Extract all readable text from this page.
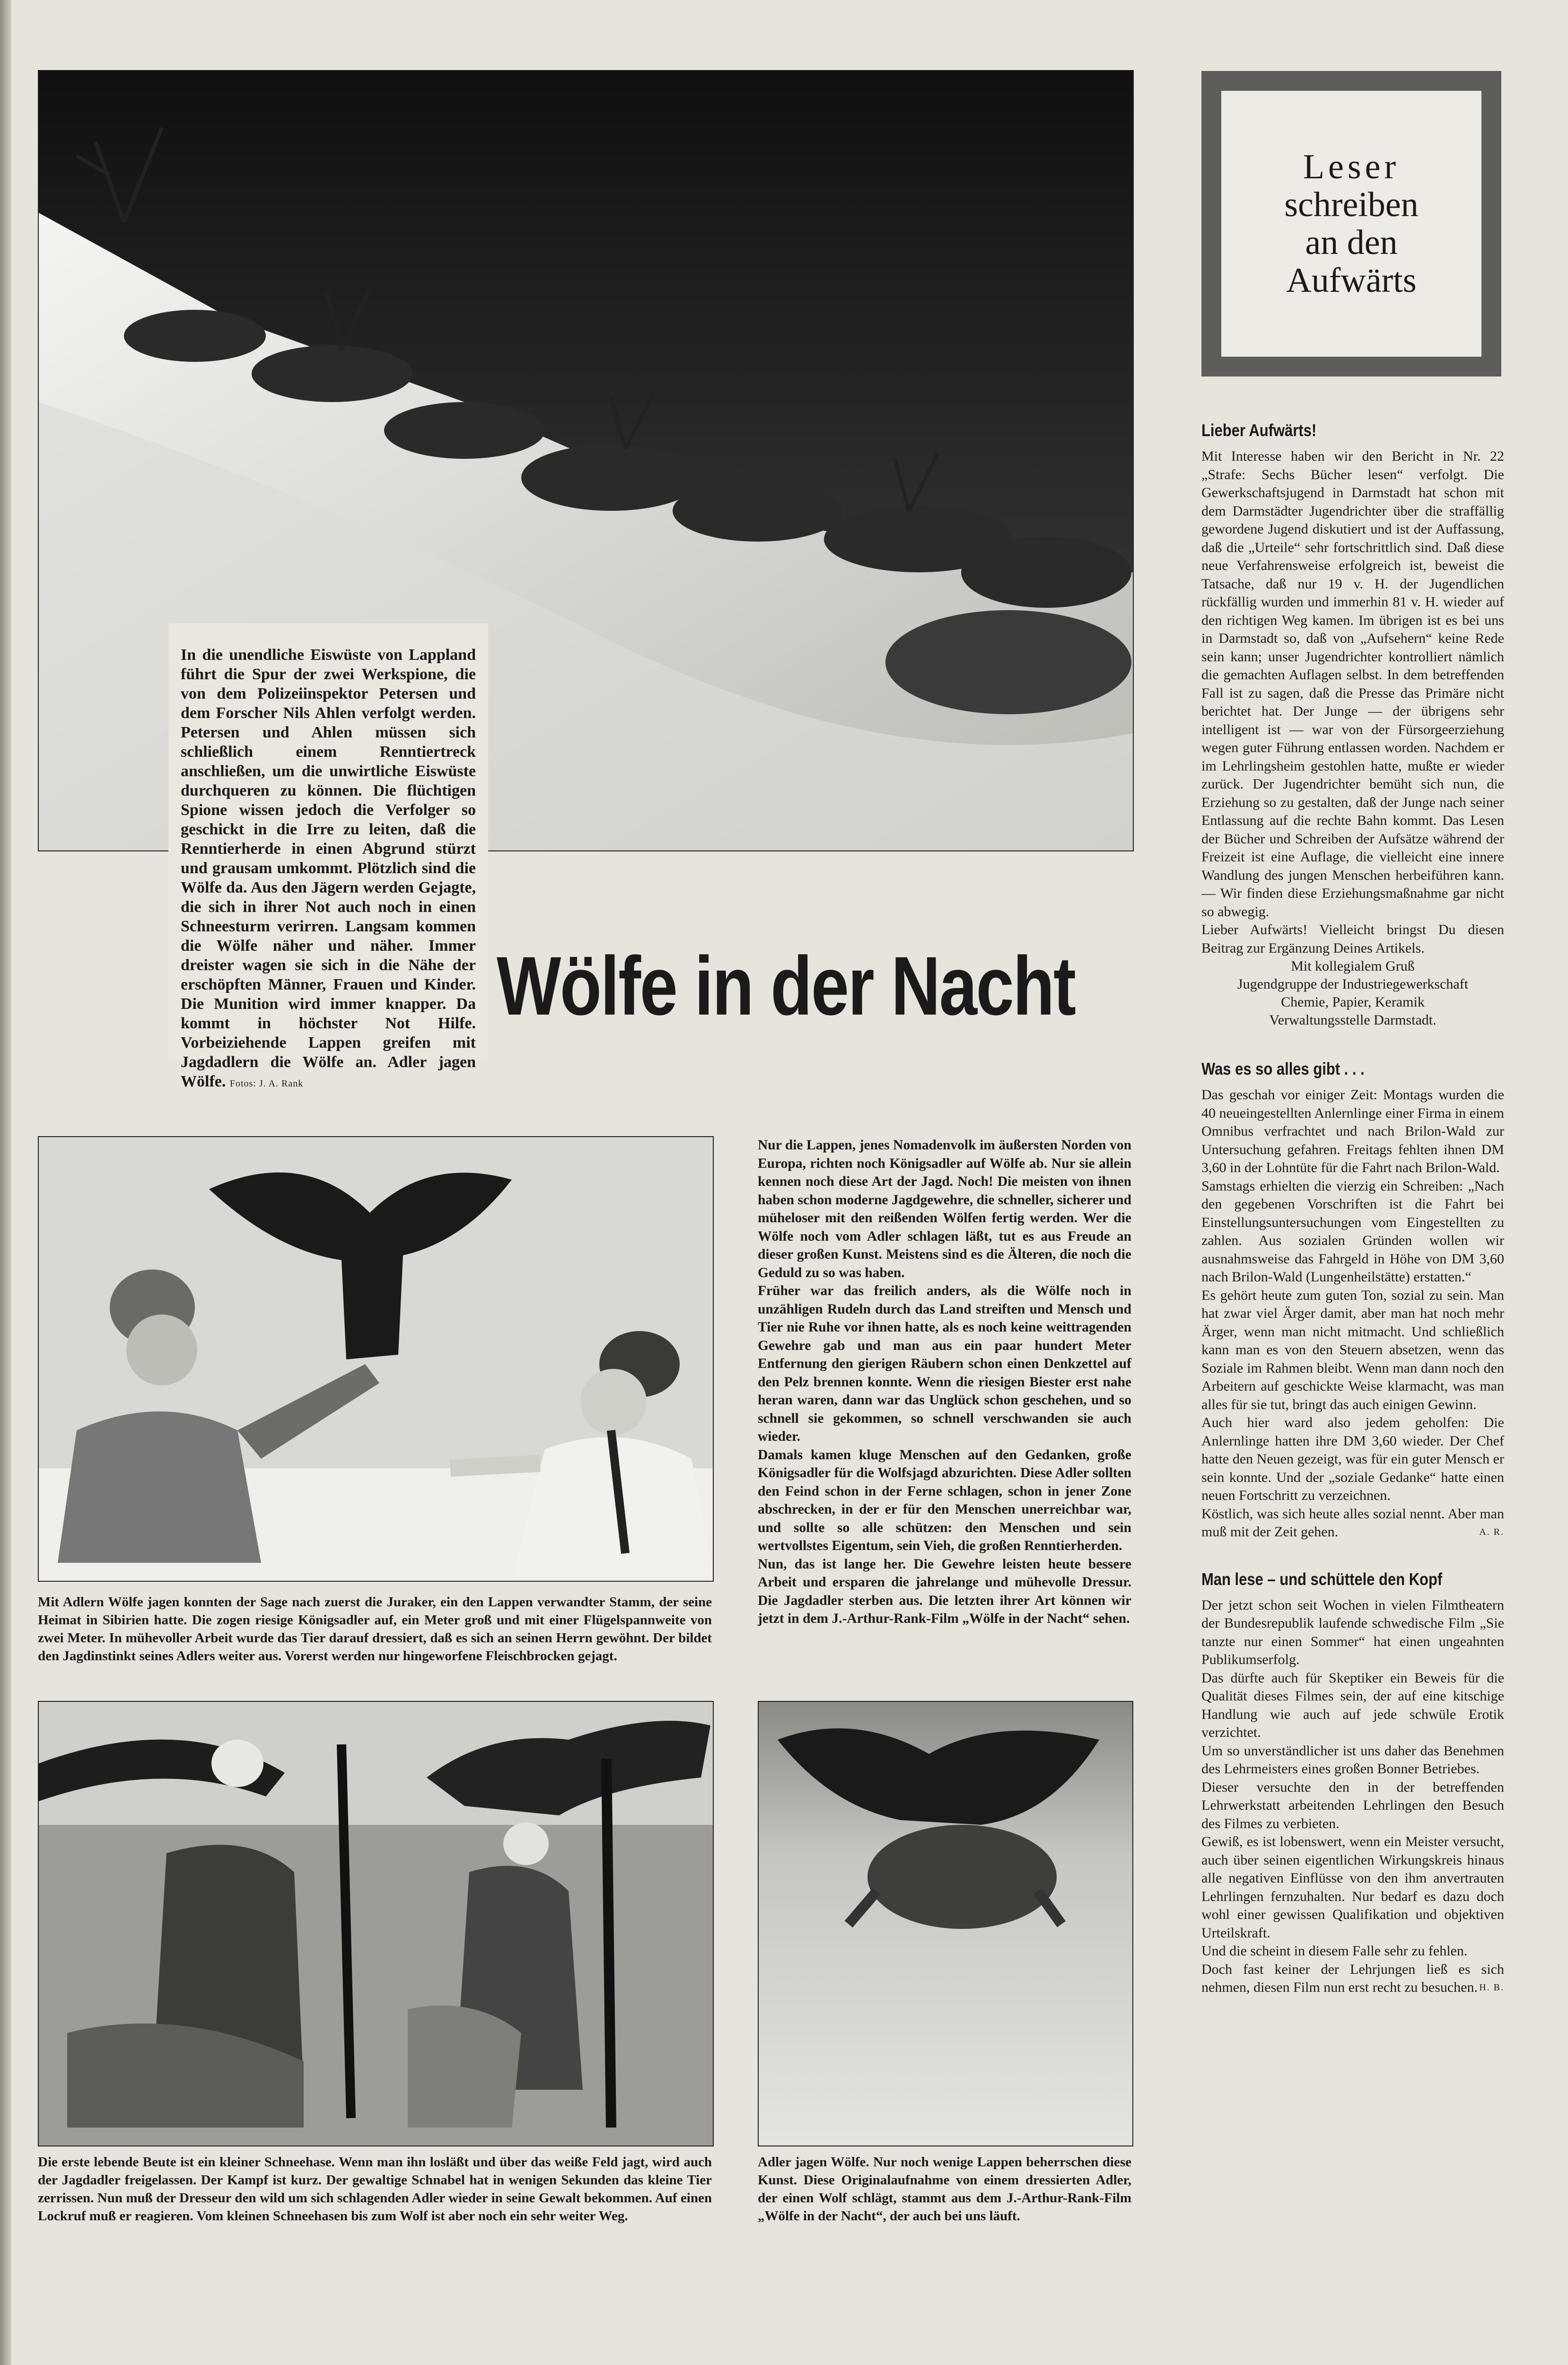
In die unendliche Eiswüste von Lappland führt die Spur der zwei Werkspione, die von dem Polizeiinspektor Petersen und dem Forscher Nils Ahlen verfolgt werden. Petersen und Ahlen müssen sich schließlich einem Renntiertreck anschließen, um die unwirtliche Eiswüste durchqueren zu können. Die flüchtigen Spione wissen jedoch die Verfolger so geschickt in die Irre zu leiten, daß die Renntierherde in einen Abgrund stürzt und grausam umkommt. Plötzlich sind die Wölfe da. Aus den Jägern werden Gejagte, die sich in ihrer Not auch noch in einen Schneesturm verirren. Langsam kommen die Wölfe näher und näher. Immer dreister wagen sie sich in die Nähe der erschöpften Männer, Frauen und Kinder. Die Munition wird immer knapper. Da kommt in höchster Not Hilfe. Vorbeiziehende Lappen greifen mit Jagdadlern die Wölfe an. Adler jagen Wölfe. Fotos: J. A. Rank
Wölfe in der Nacht
Leser
schreiben
an den
Aufwärts
Lieber Aufwärts!

Mit Interesse haben wir den Bericht in Nr. 22 „Strafe: Sechs Bücher lesen“ verfolgt. Die Gewerkschaftsjugend in Darmstadt hat schon mit dem Darmstädter Jugendrichter über die straffällig gewordene Jugend diskutiert und ist der Auffassung, daß die „Urteile“ sehr fortschrittlich sind. Daß diese neue Verfahrensweise erfolgreich ist, beweist die Tatsache, daß nur 19 v. H. der Jugendlichen rückfällig wurden und immerhin 81 v. H. wieder auf den richtigen Weg kamen. Im übrigen ist es bei uns in Darmstadt so, daß von „Aufsehern“ keine Rede sein kann; unser Jugendrichter kontrolliert nämlich die gemachten Auflagen selbst. In dem betreffenden Fall ist zu sagen, daß die Presse das Primäre nicht berichtet hat. Der Junge — der übrigens sehr intelligent ist — war von der Fürsorgeerziehung wegen guter Führung entlassen worden. Nachdem er im Lehrlingsheim gestohlen hatte, mußte er wieder zurück. Der Jugendrichter bemüht sich nun, die Erziehung so zu gestalten, daß der Junge nach seiner Entlassung auf die rechte Bahn kommt. Das Lesen der Bücher und Schreiben der Aufsätze während der Freizeit ist eine Auflage, die vielleicht eine innere Wandlung des jungen Menschen herbeiführen kann. — Wir finden diese Erziehungsmaßnahme gar nicht so abwegig.

Lieber Aufwärts! Vielleicht bringst Du diesen Beitrag zur Ergänzung Deines Artikels.

Mit kollegialem Gruß
Jugendgruppe der Industriegewerkschaft
Chemie, Papier, Keramik
Verwaltungsstelle Darmstadt.
Was es so alles gibt . . .

Das geschah vor einiger Zeit: Montags wurden die 40 neueingestellten Anlernlinge einer Firma in einem Omnibus verfrachtet und nach Brilon-Wald zur Untersuchung gefahren. Freitags fehlten ihnen DM 3,60 in der Lohntüte für die Fahrt nach Brilon-Wald.

Samstags erhielten die vierzig ein Schreiben: „Nach den gegebenen Vorschriften ist die Fahrt bei Einstellungsuntersuchungen vom Eingestellten zu zahlen. Aus sozialen Gründen wollen wir ausnahmsweise das Fahrgeld in Höhe von DM 3,60 nach Brilon-Wald (Lungenheilstätte) erstatten.“

Es gehört heute zum guten Ton, sozial zu sein. Man hat zwar viel Ärger damit, aber man hat noch mehr Ärger, wenn man nicht mitmacht. Und schließlich kann man es von den Steuern absetzen, wenn das Soziale im Rahmen bleibt. Wenn man dann noch den Arbeitern auf geschickte Weise klarmacht, was man alles für sie tut, bringt das auch einigen Gewinn.

Auch hier ward also jedem geholfen: Die Anlernlinge hatten ihre DM 3,60 wieder. Der Chef hatte den Neuen gezeigt, was für ein guter Mensch er sein konnte. Und der „soziale Gedanke“ hatte einen neuen Fortschritt zu verzeichnen.

Köstlich, was sich heute alles sozial nennt. Aber man muß mit der Zeit gehen.	A. R.

Man lese – und schüttele den Kopf

Der jetzt schon seit Wochen in vielen Filmtheatern der Bundesrepublik laufende schwedische Film „Sie tanzte nur einen Sommer“ hat einen ungeahnten Publikumserfolg.

Das dürfte auch für Skeptiker ein Beweis für die Qualität dieses Filmes sein, der auf eine kitschige Handlung wie auch auf jede schwüle Erotik verzichtet.

Um so unverständlicher ist uns daher das Benehmen des Lehrmeisters eines großen Bonner Betriebes.

Dieser versuchte den in der betreffenden Lehrwerkstatt arbeitenden Lehrlingen den Besuch des Filmes zu verbieten.

Gewiß, es ist lobenswert, wenn ein Meister versucht, auch über seinen eigentlichen Wirkungskreis hinaus alle negativen Einflüsse von den ihm anvertrauten Lehrlingen fernzuhalten. Nur bedarf es dazu doch wohl einer gewissen Qualifikation und objektiven Urteilskraft.

Und die scheint in diesem Falle sehr zu fehlen.

Doch fast keiner der Lehrjungen ließ es sich nehmen, diesen Film nun erst recht zu besuchen. H. B.

Mit Adlern Wölfe jagen konnten der Sage nach zuerst die Juraker, ein den Lappen verwandter Stamm, der seine Heimat in Sibirien hatte. Die zogen riesige Königsadler auf, ein Meter groß und mit einer Flügelspannweite von zwei Meter. In mühevoller Arbeit wurde das Tier darauf dressiert, daß es sich an seinen Herrn gewöhnt. Der bildet den Jagdinstinkt seines Adlers weiter aus. Vorerst werden nur hingeworfene Fleischbrocken gejagt.

Nur die Lappen, jenes Nomadenvolk im äußersten Norden von Europa, richten noch Königsadler auf Wölfe ab. Nur sie allein kennen noch diese Art der Jagd. Noch! Die meisten von ihnen haben schon moderne Jagdgewehre, die schneller, sicherer und müheloser mit den reißenden Wölfen fertig werden. Wer die Wölfe noch vom Adler schlagen läßt, tut es aus Freude an dieser großen Kunst. Meistens sind es die Älteren, die noch die Geduld zu so was haben.

Früher war das freilich anders, als die Wölfe noch in unzähligen Rudeln durch das Land streiften und Mensch und Tier nie Ruhe vor ihnen hatte, als es noch keine weittragenden Gewehre gab und man aus ein paar hundert Meter Entfernung den gierigen Räubern schon einen Denkzettel auf den Pelz brennen konnte. Wenn die riesigen Biester erst nahe heran waren, dann war das Unglück schon geschehen, und so schnell sie gekommen, so schnell verschwanden sie auch wieder.

Damals kamen kluge Menschen auf den Gedanken, große Königsadler für die Wolfsjagd abzurichten. Diese Adler sollten den Feind schon in der Ferne schlagen, schon in jener Zone abschrecken, in der er für den Menschen unerreichbar war, und sollte so alle schützen: den Menschen und sein wertvollstes Eigentum, sein Vieh, die großen Renntierherden.

Nun, das ist lange her. Die Gewehre leisten heute bessere Arbeit und ersparen die jahrelange und mühevolle Dressur. Die Jagdadler sterben aus. Die letzten ihrer Art können wir jetzt in dem J.-Arthur-Rank-Film „Wölfe in der Nacht“ sehen.

Die erste lebende Beute ist ein kleiner Schneehase. Wenn man ihn losläßt und über das weiße Feld jagt, wird auch der Jagdadler freigelassen. Der Kampf ist kurz. Der gewaltige Schnabel hat in wenigen Sekunden das kleine Tier zerrissen. Nun muß der Dresseur den wild um sich schlagenden Adler wieder in seine Gewalt bekommen. Auf einen Lockruf muß er reagieren. Vom kleinen Schneehasen bis zum Wolf ist aber noch ein sehr weiter Weg.
Adler jagen Wölfe. Nur noch wenige Lappen beherrschen diese Kunst. Diese Originalaufnahme von einem dressierten Adler, der einen Wolf schlägt, stammt aus dem J.-Arthur-Rank-Film „Wölfe in der Nacht“, der auch bei uns läuft.
